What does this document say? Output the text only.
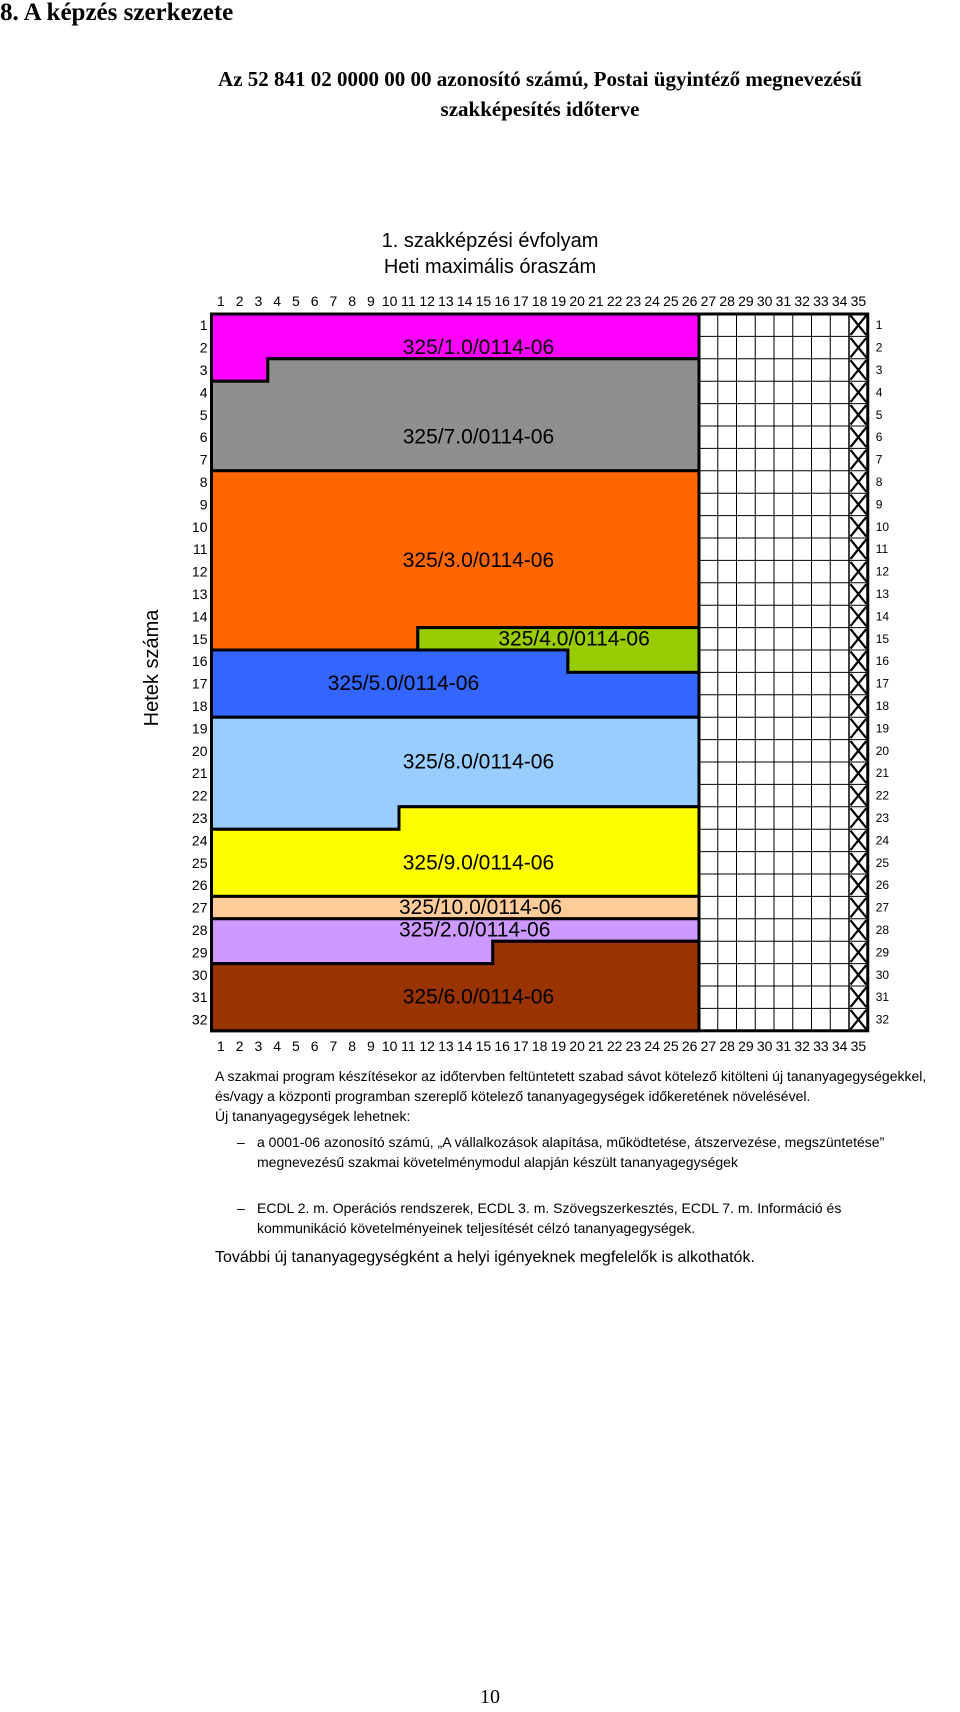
8. A képzés szerkezete
Az 52 841 02 0000 00 00 azonosító számú, Postai ügyintéző megnevezésű
szakképesítés időterve
1. szakképzési évfolyam
Heti maximális óraszám
325/1.0/0114-06
325/7.0/0114-06
325/3.0/0114-06
325/4.0/0114-06
325/5.0/0114-06
325/8.0/0114-06
325/9.0/0114-06
325/10.0/0114-06
325/2.0/0114-06
325/6.0/0114-06
1
1
2
2
3
3
4
4
5
5
6
6
7
7
8
8
9
9
10
10
11
11
12
12
13
13
14
14
15
15
16
16
17
17
18
18
19
19
20
20
21
21
22
22
23
23
24
24
25
25
26
26
27
27
28
28
29
29
30
30
31
31
32
32
33
33
34
34
35
35
1	1
2	2
3	3
4	4
5	5
6	6
7	7
8	8
9	9
10	10
11	11
12	12
13	13
14	14
15	15
16	16
17	17
18	18
19	19
20	20
21	21
22	22
23	23
24	24
25	25
26	26
27	27
28	28
29	29
30	30
31	31
32	32
Hetek száma

A szakmai program készítésekor az időtervben feltüntetett szabad sávot kötelező kitölteni új tananyagegységekkel, és/vagy a központi programban szereplő kötelező tananyagegységek időkeretének növelésével.

Új tananyagegységek lehetnek:

– a 0001-06 azonosító számú, „A vállalkozások alapítása, működtetése, átszervezése, megszüntetése” megnevezésű szakmai követelménymodul alapján készült tananyagegységek
– ECDL 2. m. Operációs rendszerek, ECDL 3. m. Szövegszerkesztés, ECDL 7. m. Információ és kommunikáció követelményeinek teljesítését célzó tananyagegységek.

További új tananyagegységként a helyi igényeknek megfelelők is alkothatók.

10
